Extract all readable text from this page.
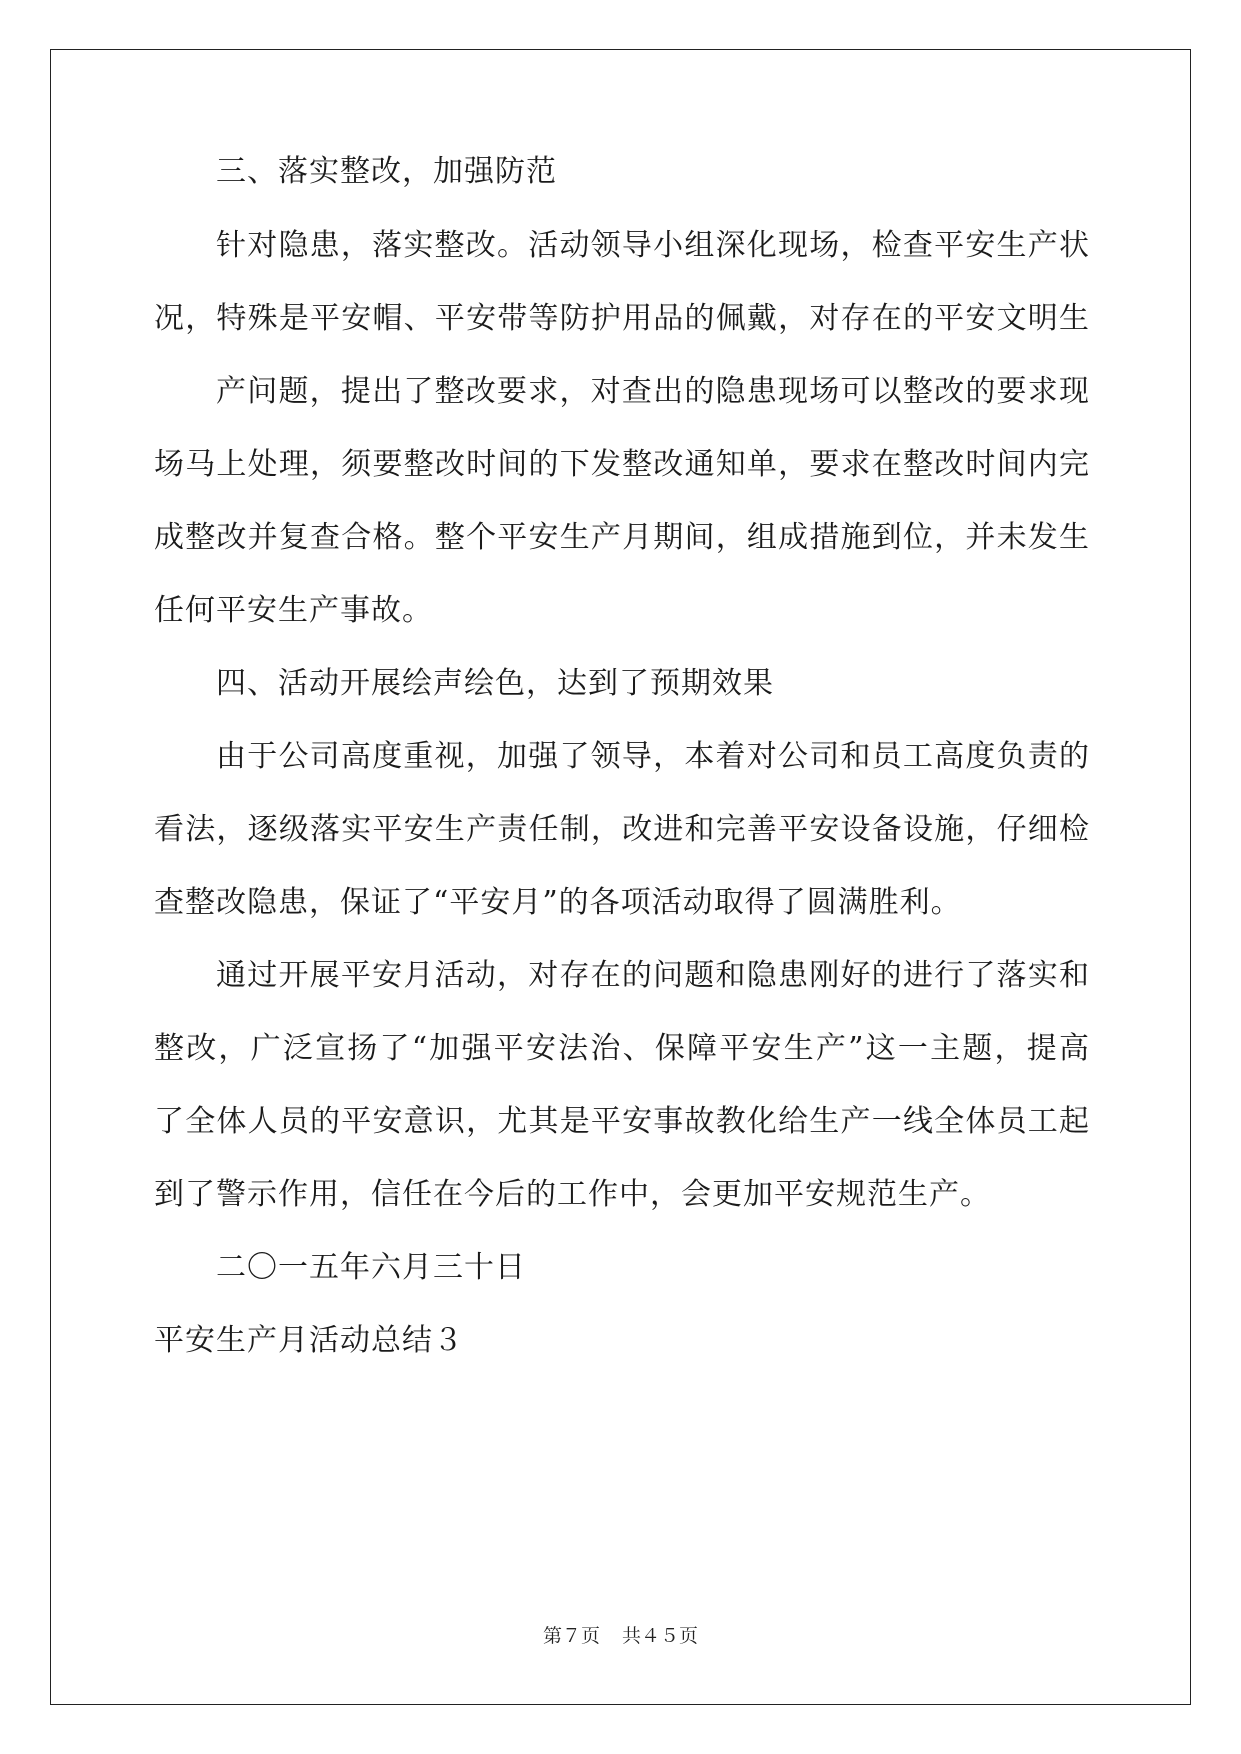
三、落实整改，加强防范
针对隐患，落实整改。活动领导小组深化现场，检查平安生产状
况，特殊是平安帽、平安带等防护用品的佩戴，对存在的平安文明生
产问题，提出了整改要求，对查出的隐患现场可以整改的要求现
场马上处理，须要整改时间的下发整改通知单，要求在整改时间内完
成整改并复查合格。整个平安生产月期间，组成措施到位，并未发生
任何平安生产事故。
四、活动开展绘声绘色，达到了预期效果
由于公司高度重视，加强了领导，本着对公司和员工高度负责的
看法，逐级落实平安生产责任制，改进和完善平安设备设施，仔细检
查整改隐患，保证了“平安月”的各项活动取得了圆满胜利。
通过开展平安月活动，对存在的问题和隐患刚好的进行了落实和
整改，广泛宣扬了“加强平安法治、保障平安生产”这一主题，提高
了全体人员的平安意识，尤其是平安事故教化给生产一线全体员工起
到了警示作用，信任在今后的工作中，会更加平安规范生产。
二〇一五年六月三十日
平安生产月活动总结３
第７页 共４５页
